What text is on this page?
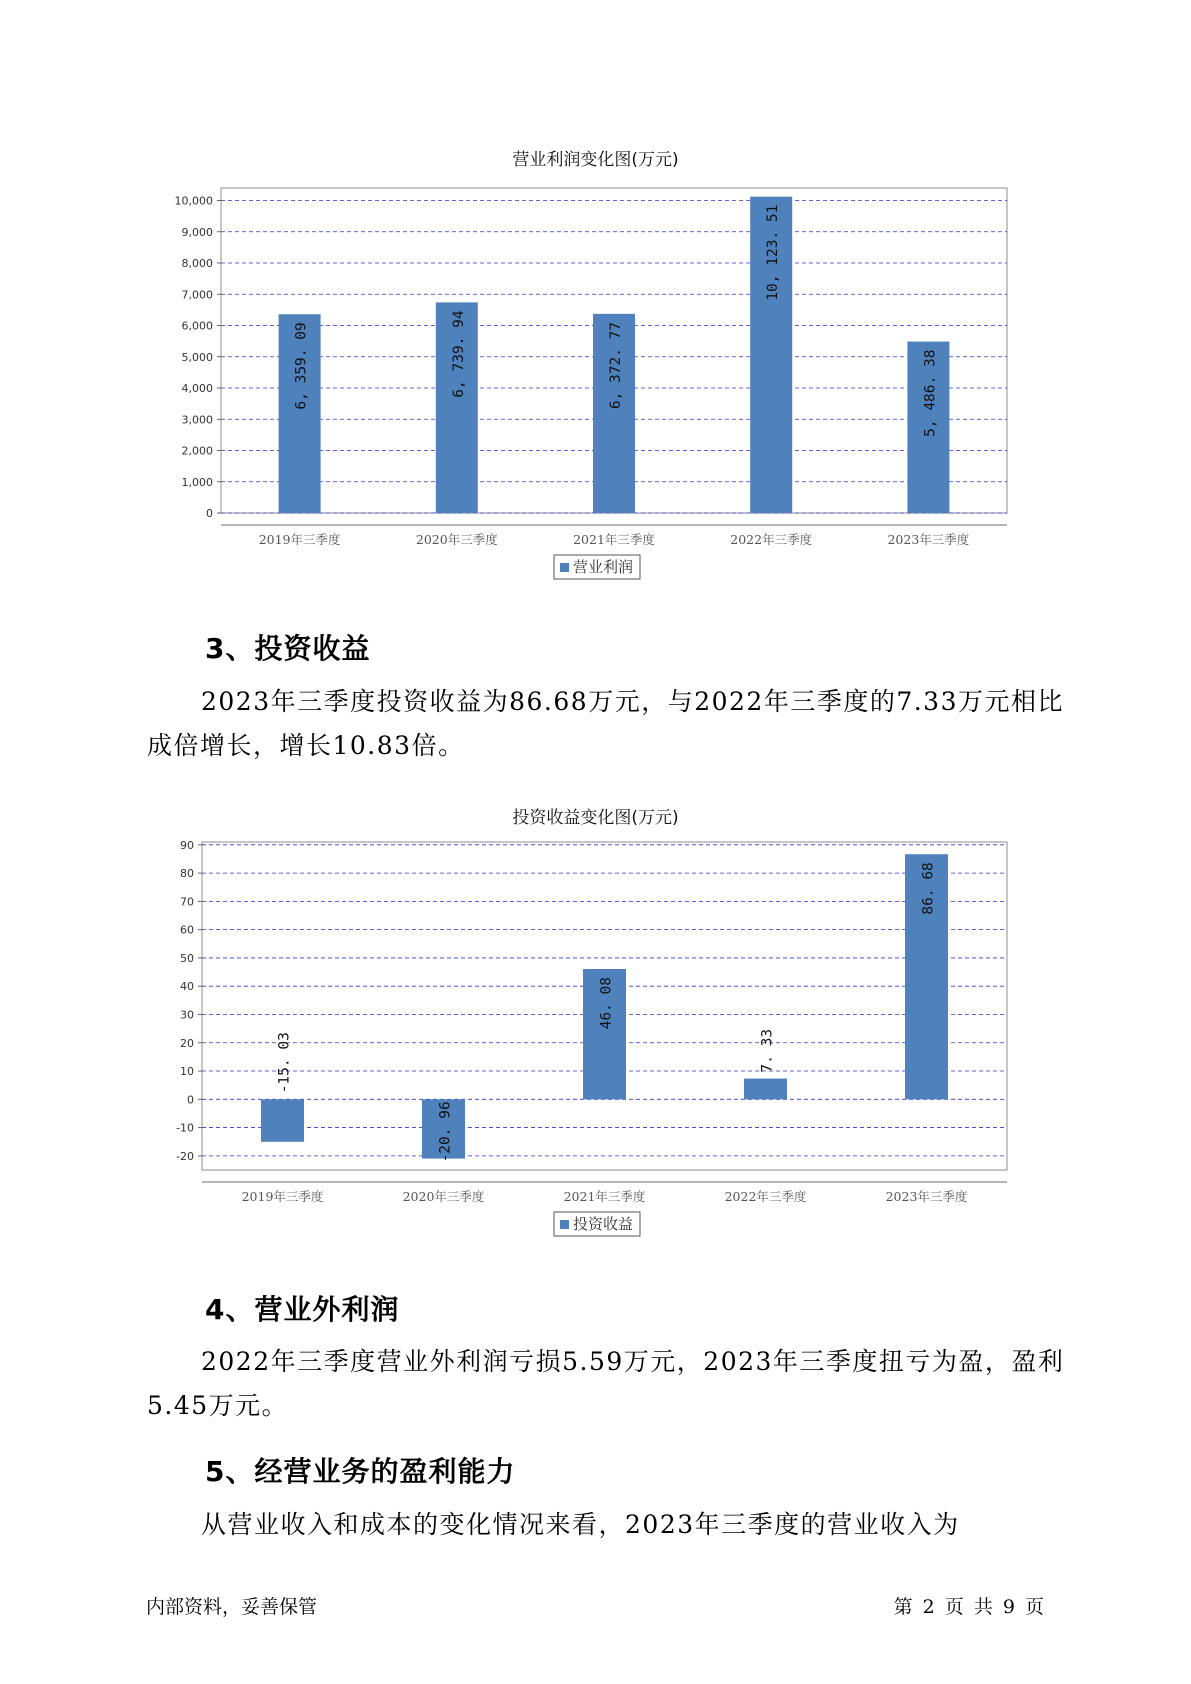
营业利润变化图(万元)
0
1,000
2,000
3,000
4,000
5,000
6,000
7,000
8,000
9,000
10,000
2019年三季度
6, 359. 09
2020年三季度
6, 739. 94
2021年三季度
6, 372. 77
2022年三季度
10, 123. 51
2023年三季度
5, 486. 38
营业利润
3、投资收益

2023年三季度投资收益为86.68万元，与2022年三季度的7.33万元相比成倍增长，增长10.83倍。

投资收益变化图(万元)
-20
-10
0
10
20
30
40
50
60
70
80
90
2019年三季度
-15. 03
2020年三季度
-20. 96
2021年三季度
46. 08
2022年三季度
7. 33
2023年三季度
86. 68
投资收益
4、营业外利润

2022年三季度营业外利润亏损5.59万元，2023年三季度扭亏为盈，盈利5.45万元。

5、经营业务的盈利能力

从营业收入和成本的变化情况来看，2023年三季度的营业收入为

内部资料，妥善保管	第 2 页 共 9 页
